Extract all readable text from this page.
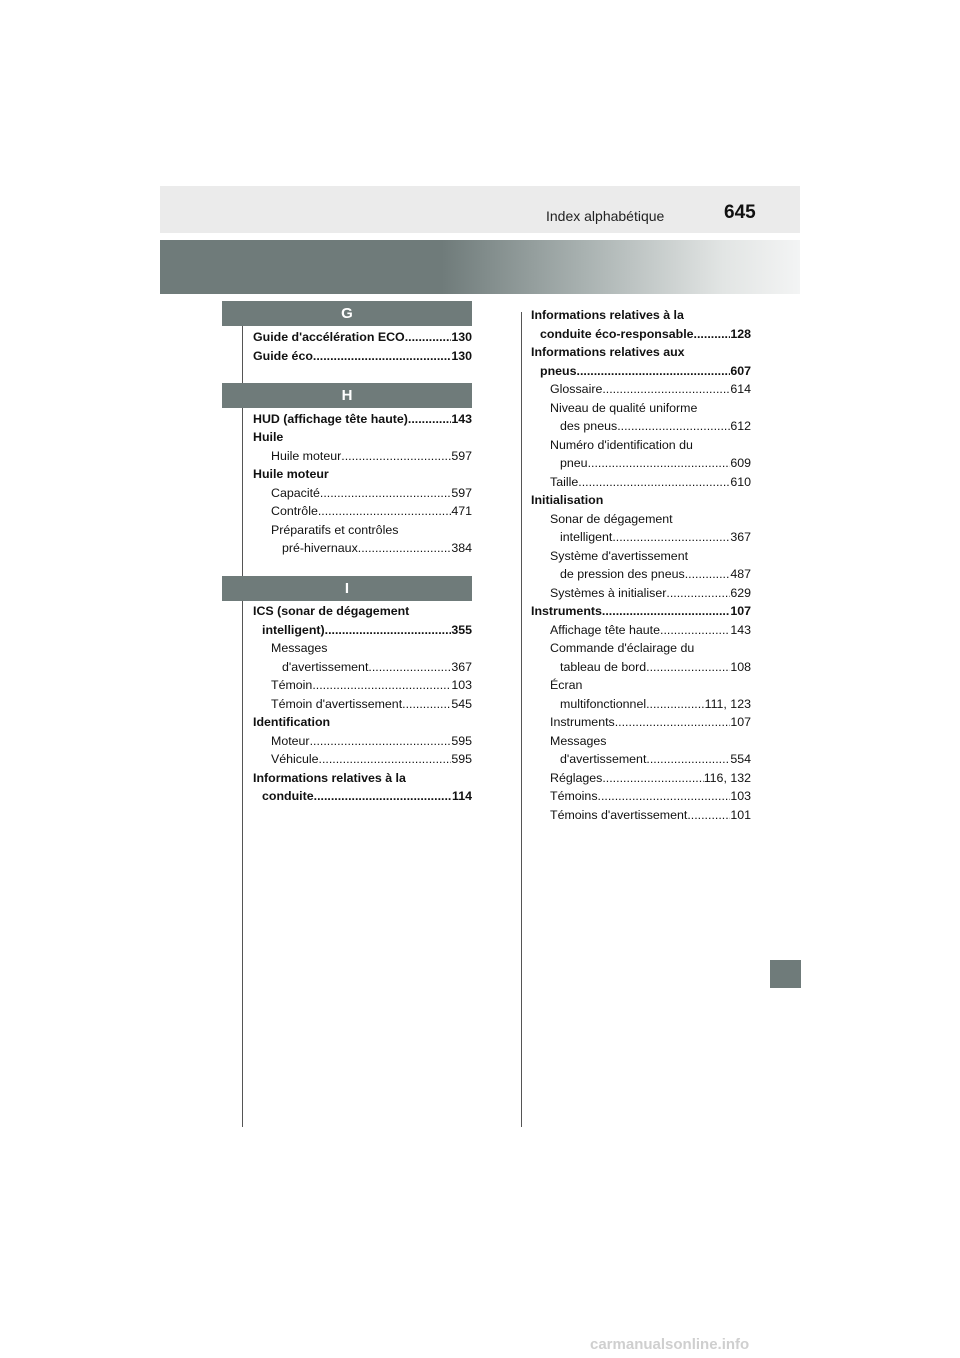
Index alphabétique	645
G
H
I
Guide d'accélération ECO .....	130
Guide éco .....	130
HUD (affichage tête haute) .....	143
Huile
Huile moteur .....	597
Huile moteur
Capacité .....	597
Contrôle .....	471
Préparatifs et contrôles
pré-hivernaux .....	384
ICS (sonar de dégagement
intelligent) .....	355
Messages
d'avertissement .....	367
Témoin .....	103
Témoin d'avertissement .....	545
Identification
Moteur .....	595
Véhicule .....	595
Informations relatives à la
conduite .....	114
Informations relatives à la
conduite éco-responsable .....	128
Informations relatives aux
pneus .....	607
Glossaire .....	614
Niveau de qualité uniforme
des pneus .....	612
Numéro d'identification du
pneu .....	609
Taille .....	610
Initialisation
Sonar de dégagement
intelligent .....	367
Système d'avertissement
de pression des pneus .....	487
Systèmes à initialiser .....	629
Instruments .....	107
Affichage tête haute .....	143
Commande d'éclairage du
tableau de bord .....	108
Écran
multifonctionnel .....	111, 123
Instruments .....	107
Messages
d'avertissement .....	554
Réglages .....	116, 132
Témoins .....	103
Témoins d'avertissement .....	101
carmanualsonline.info
